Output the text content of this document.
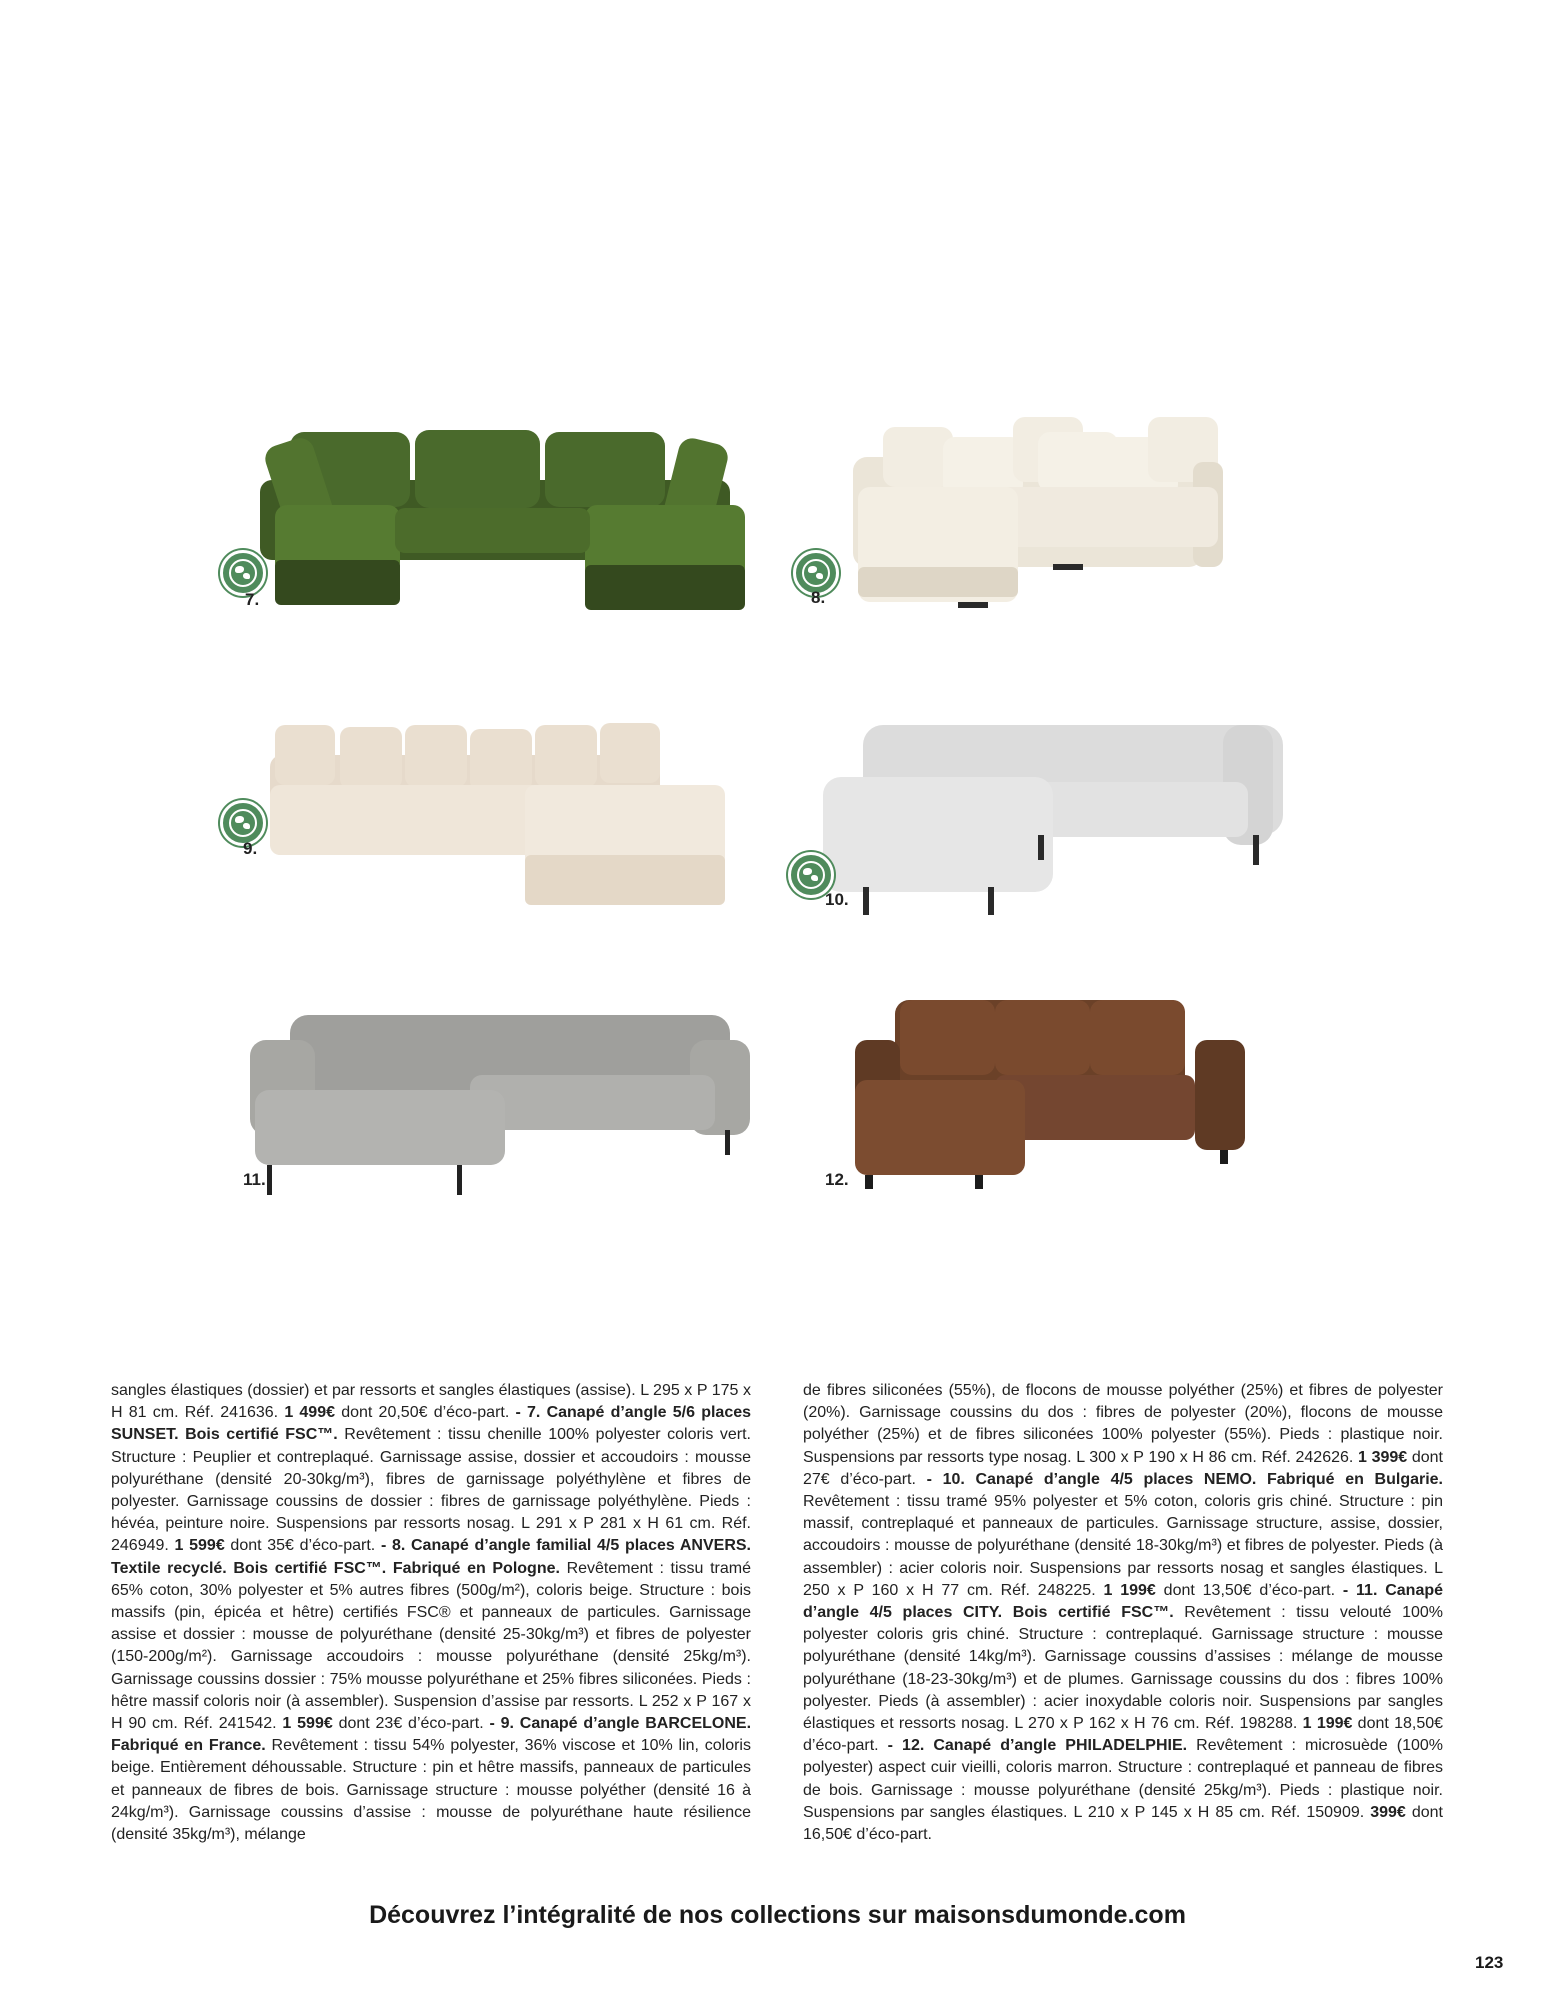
7.	8.
9.
10.
11.	12.
sangles élastiques (dossier) et par ressorts et sangles élastiques (assise). L 295 x P 175 x H 81 cm. Réf. 241636. 1 499€ dont 20,50€ d’éco-part. - 7. Canapé d’angle 5/6 places SUNSET. Bois certifié FSC™. Revêtement : tissu chenille 100% polyester coloris vert. Structure : Peuplier et contreplaqué. Garnissage assise, dossier et accoudoirs : mousse polyuréthane (densité 20-30kg/m³), fibres de garnissage polyéthylène et fibres de polyester. Garnissage coussins de dossier : fibres de garnissage polyéthylène. Pieds : hévéa, peinture noire. Suspensions par ressorts nosag. L 291 x P 281 x H 61 cm. Réf. 246949. 1 599€ dont 35€ d’éco-part. - 8. Canapé d’angle familial 4/5 places ANVERS. Textile recyclé. Bois certifié FSC™. Fabriqué en Pologne. Revêtement : tissu tramé 65% coton, 30% polyester et 5% autres fibres (500g/m²), coloris beige. Structure : bois massifs (pin, épicéa et hêtre) certifiés FSC® et panneaux de particules. Garnissage assise et dossier : mousse de polyuréthane (densité 25-30kg/m³) et fibres de polyester (150-200g/m²). Garnissage accoudoirs : mousse polyuréthane (densité 25kg/m³). Garnissage coussins dossier : 75% mousse polyuréthane et 25% fibres siliconées. Pieds : hêtre massif coloris noir (à assembler). Suspension d’assise par ressorts. L 252 x P 167 x H 90 cm. Réf. 241542. 1 599€ dont 23€ d’éco-part. - 9. Canapé d’angle BARCELONE. Fabriqué en France. Revêtement : tissu 54% polyester, 36% viscose et 10% lin, coloris beige. Entièrement déhoussable. Structure : pin et hêtre massifs, panneaux de particules et panneaux de fibres de bois. Garnissage structure : mousse polyéther (densité 16 à 24kg/m³). Garnissage coussins d’assise : mousse de polyuréthane haute résilience (densité 35kg/m³), mélange
de fibres siliconées (55%), de flocons de mousse polyéther (25%) et fibres de polyester (20%). Garnissage coussins du dos : fibres de polyester (20%), flocons de mousse polyéther (25%) et de fibres siliconées 100% polyester (55%). Pieds : plastique noir. Suspensions par ressorts type nosag. L 300 x P 190 x H 86 cm. Réf. 242626. 1 399€ dont 27€ d’éco-part. - 10. Canapé d’angle 4/5 places NEMO. Fabriqué en Bulgarie. Revêtement : tissu tramé 95% polyester et 5% coton, coloris gris chiné. Structure : pin massif, contreplaqué et panneaux de particules. Garnissage structure, assise, dossier, accoudoirs : mousse de polyuréthane (densité 18-30kg/m³) et fibres de polyester. Pieds (à assembler) : acier coloris noir. Suspensions par ressorts nosag et sangles élastiques. L 250 x P 160 x H 77 cm. Réf. 248225. 1 199€ dont 13,50€ d’éco-part. - 11. Canapé d’angle 4/5 places CITY. Bois certifié FSC™. Revêtement : tissu velouté 100% polyester coloris gris chiné. Structure : contreplaqué. Garnissage structure : mousse polyuréthane (densité 14kg/m³). Garnissage coussins d’assises : mélange de mousse polyuréthane (18-23-30kg/m³) et de plumes. Garnissage coussins du dos : fibres 100% polyester. Pieds (à assembler) : acier inoxydable coloris noir. Suspensions par sangles élastiques et ressorts nosag. L 270 x P 162 x H 76 cm. Réf. 198288. 1 199€ dont 18,50€ d’éco-part. - 12. Canapé d’angle PHILADELPHIE. Revêtement : microsuède (100% polyester) aspect cuir vieilli, coloris marron. Structure : contreplaqué et panneau de fibres de bois. Garnissage : mousse polyuréthane (densité 25kg/m³). Pieds : plastique noir. Suspensions par sangles élastiques. L 210 x P 145 x H 85 cm. Réf. 150909. 399€ dont 16,50€ d’éco-part.
Découvrez l’intégralité de nos collections sur maisonsdumonde.com
123
